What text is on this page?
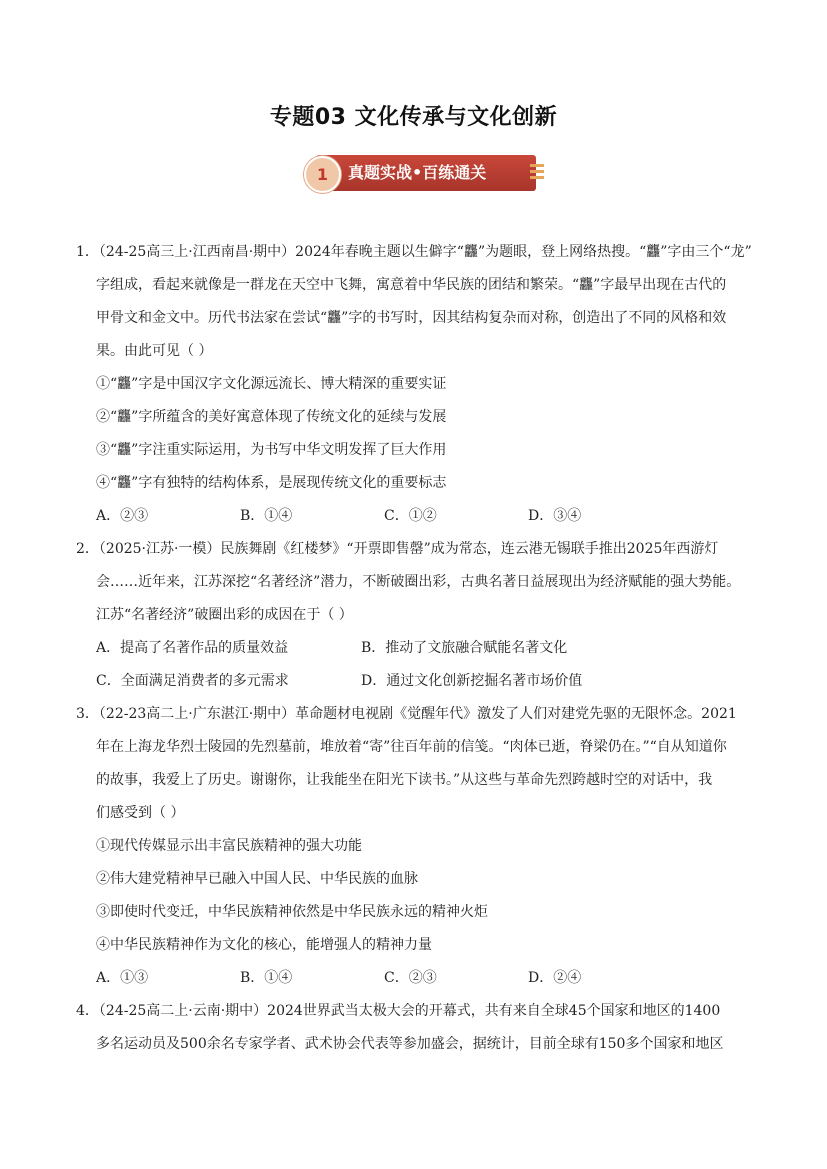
专题03 文化传承与文化创新
1	真题实战•百练通关
1．（24-25高三上·江西南昌·期中）2024年春晚主题以生僻字“龘”为题眼，登上网络热搜。“龘”字由三个“龙”
字组成，看起来就像是一群龙在天空中飞舞，寓意着中华民族的团结和繁荣。“龘”字最早出现在古代的
甲骨文和金文中。历代书法家在尝试“龘”字的书写时，因其结构复杂而对称，创造出了不同的风格和效
果。由此可见（ ）
①“龘”字是中国汉字文化源远流长、博大精深的重要实证
②“龘”字所蕴含的美好寓意体现了传统文化的延续与发展
③“龘”字注重实际运用，为书写中华文明发挥了巨大作用
④“龘”字有独特的结构体系，是展现传统文化的重要标志
A．②③	B．①④	C．①②	D．③④
2．（2025·江苏·一模）民族舞剧《红楼梦》“开票即售罄”成为常态，连云港无锡联手推出2025年西游灯
会……近年来，江苏深挖“名著经济”潜力，不断破圈出彩，古典名著日益展现出为经济赋能的强大势能。
江苏“名著经济”破圈出彩的成因在于（ ）
A．提高了名著作品的质量效益	B．推动了文旅融合赋能名著文化
C．全面满足消费者的多元需求	D．通过文化创新挖掘名著市场价值
3．（22-23高二上·广东湛江·期中）革命题材电视剧《觉醒年代》激发了人们对建党先驱的无限怀念。2021
年在上海龙华烈士陵园的先烈墓前，堆放着“寄”往百年前的信笺。“肉体已逝，脊梁仍在。”“自从知道你
的故事，我爱上了历史。谢谢你，让我能坐在阳光下读书。”从这些与革命先烈跨越时空的对话中，我
们感受到（ ）
①现代传媒显示出丰富民族精神的强大功能
②伟大建党精神早已融入中国人民、中华民族的血脉
③即使时代变迁，中华民族精神依然是中华民族永远的精神火炬
④中华民族精神作为文化的核心，能增强人的精神力量
A．①③	B．①④	C．②③	D．②④
4．（24-25高二上·云南·期中）2024世界武当太极大会的开幕式，共有来自全球45个国家和地区的1400
多名运动员及500余名专家学者、武术协会代表等参加盛会，据统计，目前全球有150多个国家和地区
